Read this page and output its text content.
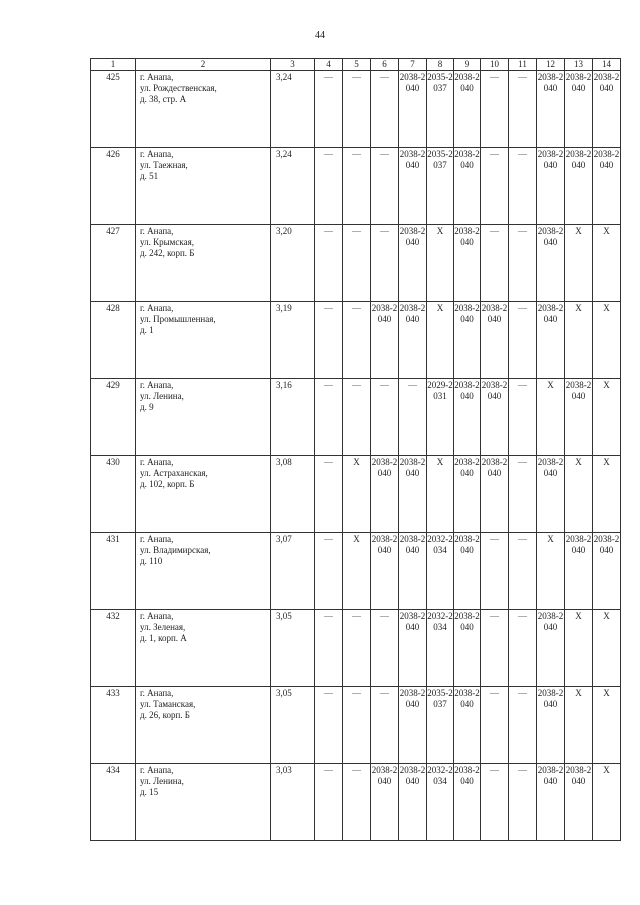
44
1	2	3	4	5	6	7	8	9	10	11	12	13	14
425	г. Анапа,
ул. Рождественская,
д. 38, стр. А	3,24	—	—	—	2038-2040	2035-2037	2038-2040	—	—	2038-2040	2038-2040	2038-2040

426	г. Анапа,
ул. Таежная,
д. 51	3,24	—	—	—	2038-2040	2035-2037	2038-2040	—	—	2038-2040	2038-2040	2038-2040

427	г. Анапа,
ул. Крымская,
д. 242, корп. Б	3,20	—	—	—	2038-2040	X	2038-2040	—	—	2038-2040	X	X

428	г. Анапа,
ул. Промышленная,
д. 1	3,19	—	—	2038-2040	2038-2040	X	2038-2040	2038-2040	—	2038-2040	X	X

429	г. Анапа,
ул. Ленина,
д. 9	3,16	—	—	—	—	2029-2031	2038-2040	2038-2040	—	X	2038-2040	X

430	г. Анапа,
ул. Астраханская,
д. 102, корп. Б	3,08	—	X	2038-2040	2038-2040	X	2038-2040	2038-2040	—	2038-2040	X	X

431	г. Анапа,
ул. Владимирская,
д. 110	3,07	—	X	2038-2040	2038-2040	2032-2034	2038-2040	—	—	X	2038-2040	2038-2040

432	г. Анапа,
ул. Зеленая,
д. 1, корп. А	3,05	—	—	—	2038-2040	2032-2034	2038-2040	—	—	2038-2040	X	X

433	г. Анапа,
ул. Таманская,
д. 26, корп. Б	3,05	—	—	—	2038-2040	2035-2037	2038-2040	—	—	2038-2040	X	X

434	г. Анапа,
ул. Ленина,
д. 15	3,03	—	—	2038-2040	2038-2040	2032-2034	2038-2040	—	—	2038-2040	2038-2040	X
